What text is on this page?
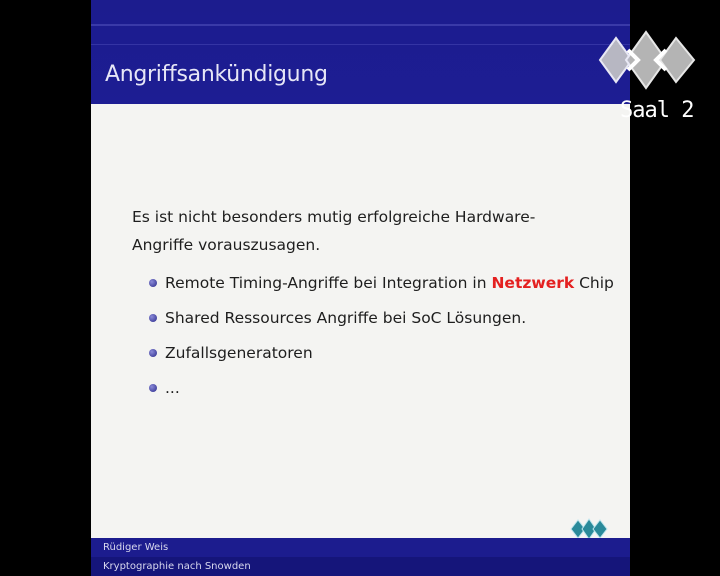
Angriffsankündigung
Es ist nicht besonders mutig erfolgreiche Hardware-Angriffe vorauszusagen.
Remote Timing-Angriffe bei Integration in Netzwerk Chip
Shared Ressources Angriffe bei SoC Lösungen.
Zufallsgeneratoren
...
Rüdiger Weis
Kryptographie nach Snowden
Saal 2
